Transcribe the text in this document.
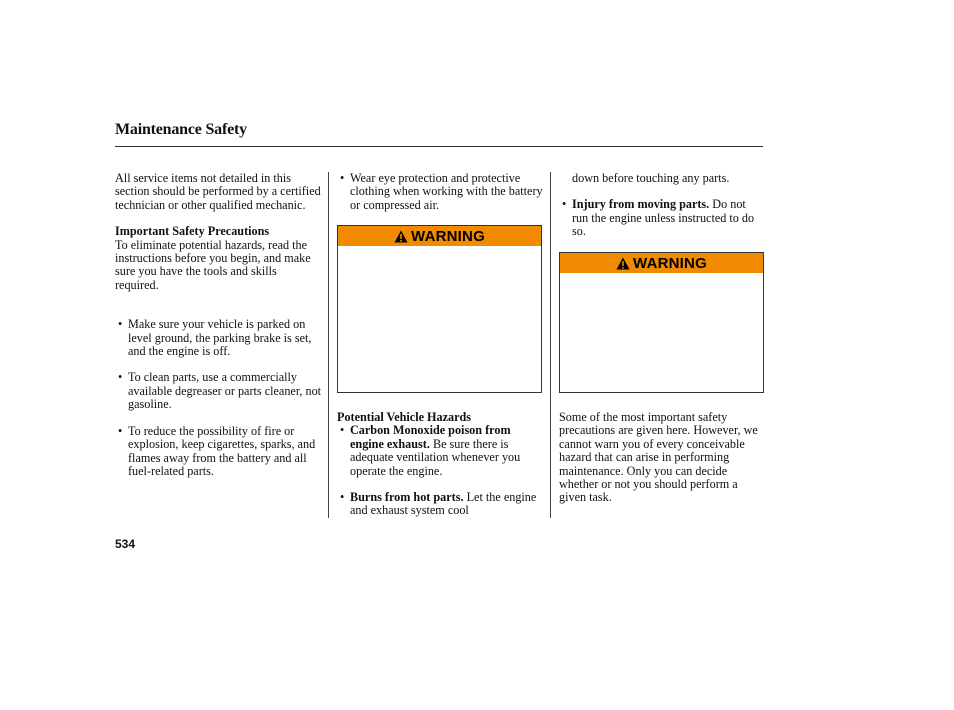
Maintenance Safety

All service items not detailed in this section should be performed by a certified technician or other qualified mechanic.

Important Safety Precautions

To eliminate potential hazards, read the instructions before you begin, and make sure you have the tools and skills required.

• Make sure your vehicle is parked on level ground, the parking brake is set, and the engine is off.
• To clean parts, use a commercially available degreaser or parts cleaner, not gasoline.
• To reduce the possibility of fire or explosion, keep cigarettes, sparks, and flames away from the battery and all fuel-related parts.
• Wear eye protection and protective clothing when working with the battery or compressed air.
WARNING

Potential Vehicle Hazards

• Carbon Monoxide poison from engine exhaust. Be sure there is adequate ventilation whenever you operate the engine.
• Burns from hot parts. Let the engine and exhaust system cool

down before touching any parts.

• Injury from moving parts. Do not run the engine unless instructed to do so.
WARNING

Some of the most important safety precautions are given here. However, we cannot warn you of every conceivable hazard that can arise in performing maintenance. Only you can decide whether or not you should perform a given task.

534
